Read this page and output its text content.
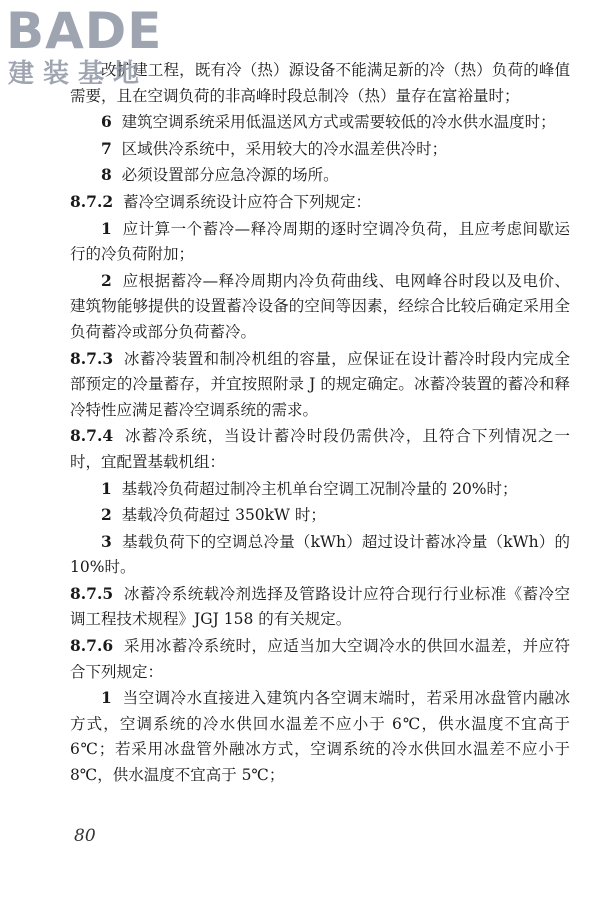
BADE
建装基地

改扩建工程，既有冷（热）源设备不能满足新的冷（热）负荷的峰值需要，且在空调负荷的非高峰时段总制冷（热）量存在富裕量时；

6 建筑空调系统采用低温送风方式或需要较低的冷水供水温度时；

7 区域供冷系统中，采用较大的冷水温差供冷时；

8 必须设置部分应急冷源的场所。

8.7.2 蓄冷空调系统设计应符合下列规定：

1 应计算一个蓄冷—释冷周期的逐时空调冷负荷，且应考虑间歇运行的冷负荷附加；

2 应根据蓄冷—释冷周期内冷负荷曲线、电网峰谷时段以及电价、建筑物能够提供的设置蓄冷设备的空间等因素，经综合比较后确定采用全负荷蓄冷或部分负荷蓄冷。

8.7.3 冰蓄冷装置和制冷机组的容量，应保证在设计蓄冷时段内完成全部预定的冷量蓄存，并宜按照附录 J 的规定确定。冰蓄冷装置的蓄冷和释冷特性应满足蓄冷空调系统的需求。

8.7.4 冰蓄冷系统，当设计蓄冷时段仍需供冷，且符合下列情况之一时，宜配置基载机组：

1 基载冷负荷超过制冷主机单台空调工况制冷量的 20%时；

2 基载冷负荷超过 350kW 时；

3 基载负荷下的空调总冷量（kWh）超过设计蓄冰冷量（kWh）的 10%时。

8.7.5 冰蓄冷系统载冷剂选择及管路设计应符合现行行业标准《蓄冷空调工程技术规程》JGJ 158 的有关规定。

8.7.6 采用冰蓄冷系统时，应适当加大空调冷水的供回水温差，并应符合下列规定：

1 当空调冷水直接进入建筑内各空调末端时，若采用冰盘管内融冰方式，空调系统的冷水供回水温差不应小于 6℃，供水温度不宜高于 6℃；若采用冰盘管外融冰方式，空调系统的冷水供回水温差不应小于 8℃，供水温度不宜高于 5℃；

80
